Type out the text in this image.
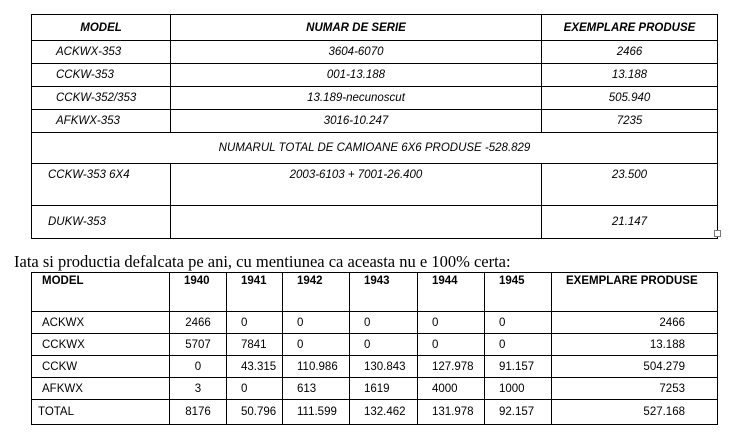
MODEL	NUMAR DE SERIE	EXEMPLARE PRODUSE
ACKWX-353	3604-6070	2466
CCKW-353	001-13.188	13.188
CCKW-352/353	13.189-necunoscut	505.940
AFKWX-353	3016-10.247	7235
NUMARUL TOTAL DE CAMIOANE 6X6 PRODUSE -528.829		
CCKW-353 6X4	2003-6103 + 7001-26.400	23.500
DUKW-353		21.147

Iata si productia defalcata pe ani, cu mentiunea ca aceasta nu e 100% certa:

MODEL	1940	1941	1942	1943	1944	1945	EXEMPLARE PRODUSE
ACKWX	2466	0	0	0	0	0	2466
CCKWX	5707	7841	0	0	0	0	13.188
CCKW	0	43.315	110.986	130.843	127.978	91.157	504.279
AFKWX	3	0	613	1619	4000	1000	7253
TOTAL	8176	50.796	111.599	132.462	131.978	92.157	527.168
